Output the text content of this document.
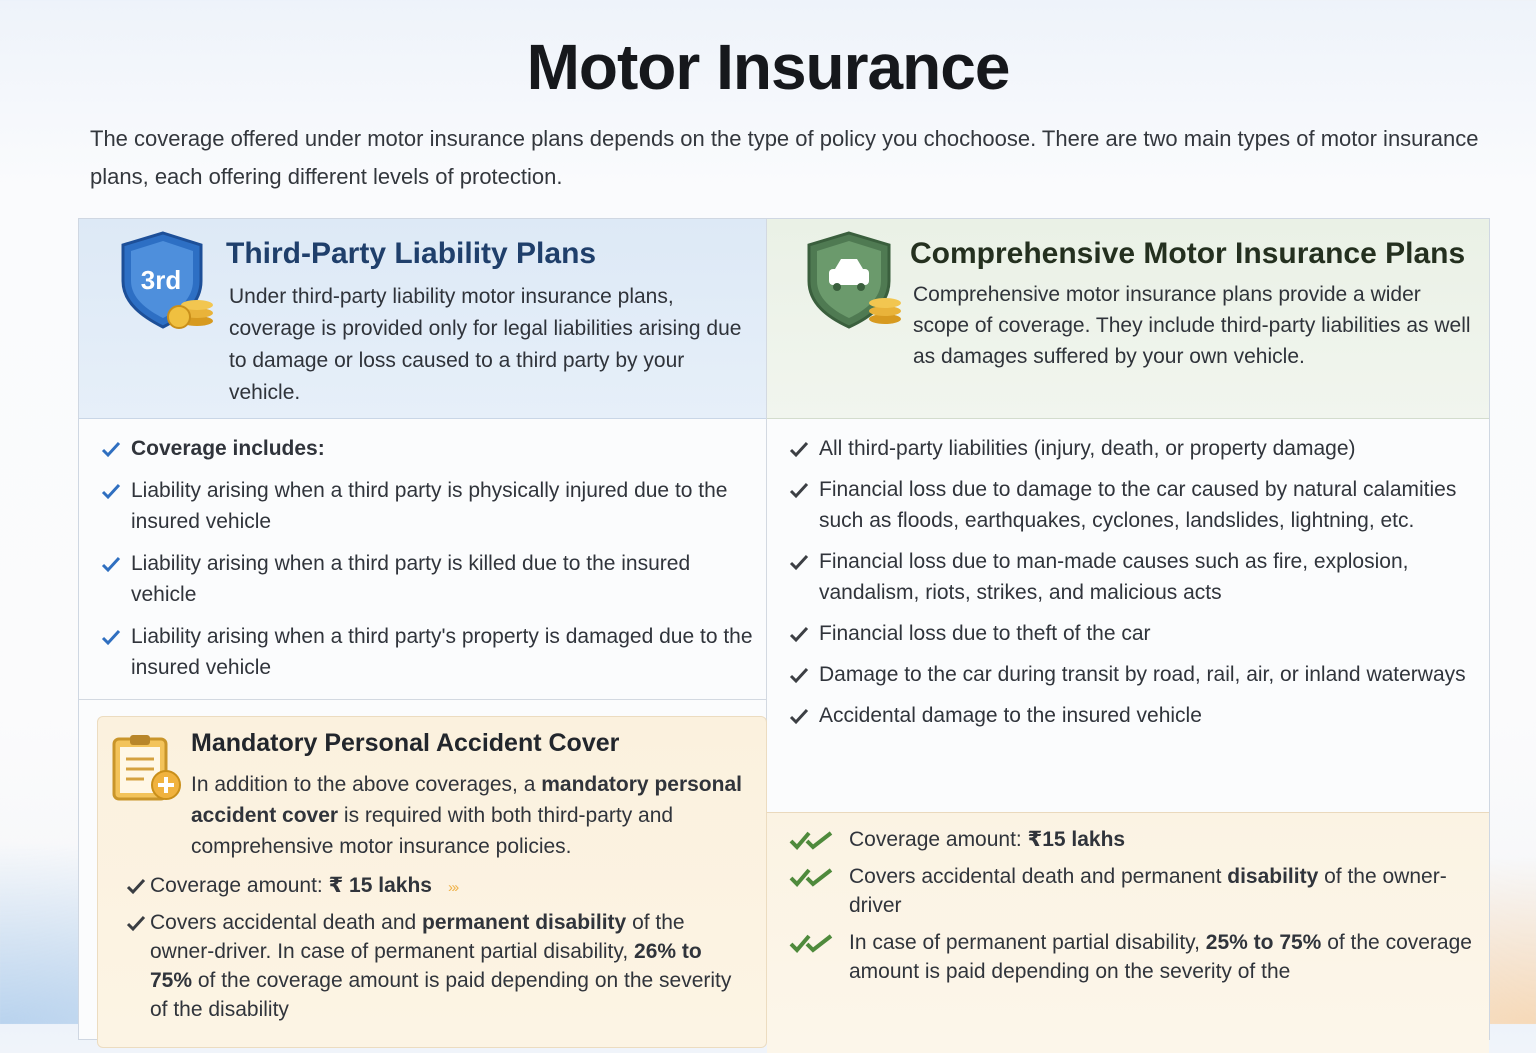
Motor Insurance

The coverage offered under motor insurance plans depends on the type of policy you chochoose. There are two main types of motor insurance plans, each offering different levels of protection.

3rd
Third-Party Liability Plans

Under third-party liability motor insurance plans, coverage is provided only for legal liabilities arising due to damage or loss caused to a third party by your vehicle.

Comprehensive Motor Insurance Plans

Comprehensive motor insurance plans provide a wider scope of coverage. They include third-party liabilities as well as damages suffered by your own vehicle.

Coverage includes:
Liability arising when a third party is physically injured due to the insured vehicle
Liability arising when a third party is killed due to the insured vehicle
Liability arising when a third party's property is damaged due to the insured vehicle
Mandatory Personal Accident Cover

In addition to the above coverages, a mandatory personal accident cover is required with both third-party and comprehensive motor insurance policies.

Coverage amount: ₹ 15 lakhs »›
Covers accidental death and permanent disability of the owner-driver. In case of permanent partial disability, 26% to 75% of the coverage amount is paid depending on the severity of the disability
All third-party liabilities (injury, death, or property damage)
Financial loss due to damage to the car caused by natural calamities such as floods, earthquakes, cyclones, landslides, lightning, etc.
Financial loss due to man-made causes such as fire, explosion, vandalism, riots, strikes, and malicious acts
Financial loss due to theft of the car
Damage to the car during transit by road, rail, air, or inland waterways
Accidental damage to the insured vehicle
Coverage amount: ₹15 lakhs
Covers accidental death and permanent disability of the owner-driver
In case of permanent partial disability, 25% to 75% of the coverage amount is paid depending on the severity of the
